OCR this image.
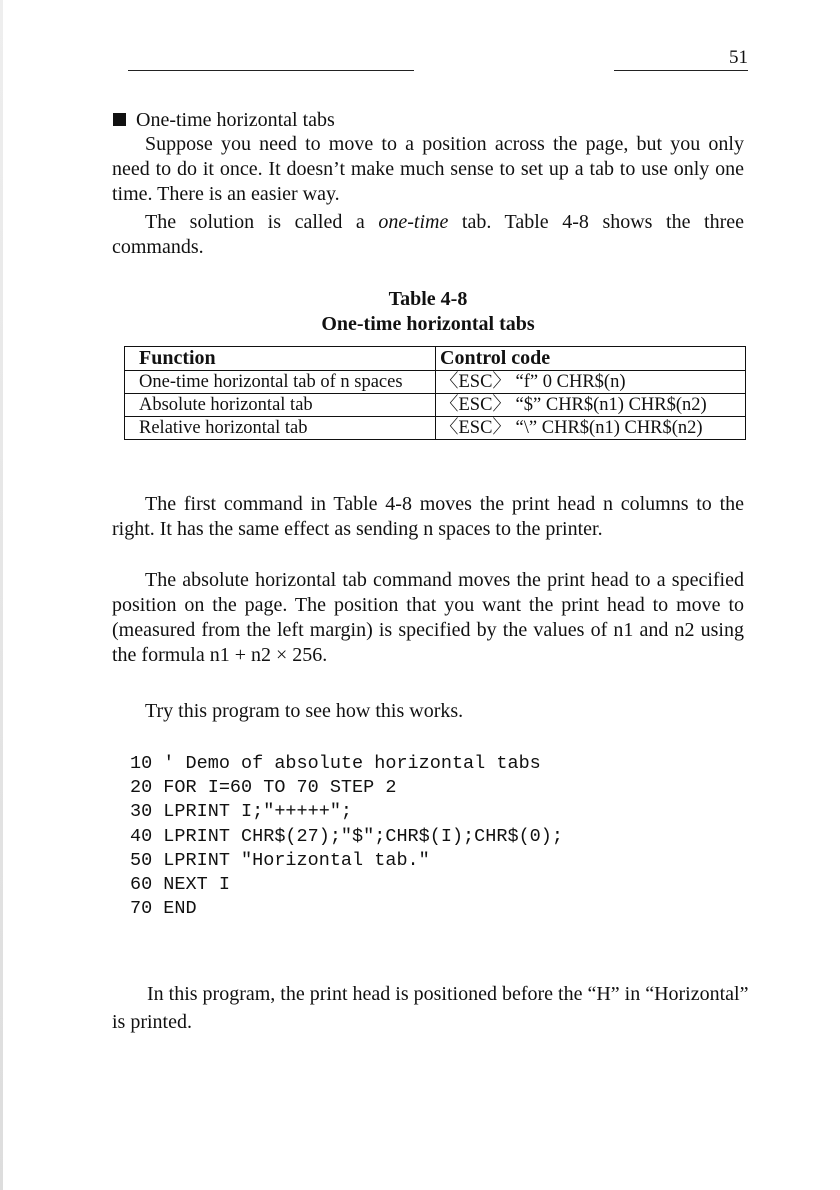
51
One-time horizontal tabs

Suppose you need to move to a position across the page, but you only need to do it once. It doesn’t make much sense to set up a tab to use only one time. There is an easier way.

The solution is called a one-time tab. Table 4-8 shows the three commands.

Table 4-8
One-time horizontal tabs
Function	Control code
One-time horizontal tab of n spaces	〈ESC〉 “f” 0 CHR$(n)
Absolute horizontal tab	〈ESC〉 “$” CHR$(n1) CHR$(n2)
Relative horizontal tab	〈ESC〉 “\” CHR$(n1) CHR$(n2)

The first command in Table 4-8 moves the print head n columns to the right. It has the same effect as sending n spaces to the printer.

The absolute horizontal tab command moves the print head to a specified position on the page. The position that you want the print head to move to (measured from the left margin) is specified by the values of n1 and n2 using the formula n1 + n2 × 256.

Try this program to see how this works.

10 ' Demo of absolute horizontal tabs
20 FOR I=60 TO 70 STEP 2
30 LPRINT I;"+++++";
40 LPRINT CHR$(27);"$";CHR$(I);CHR$(0);
50 LPRINT "Horizontal tab."
60 NEXT I
70 END

In this program, the print head is positioned before the “H” in “Horizontal” is printed.
